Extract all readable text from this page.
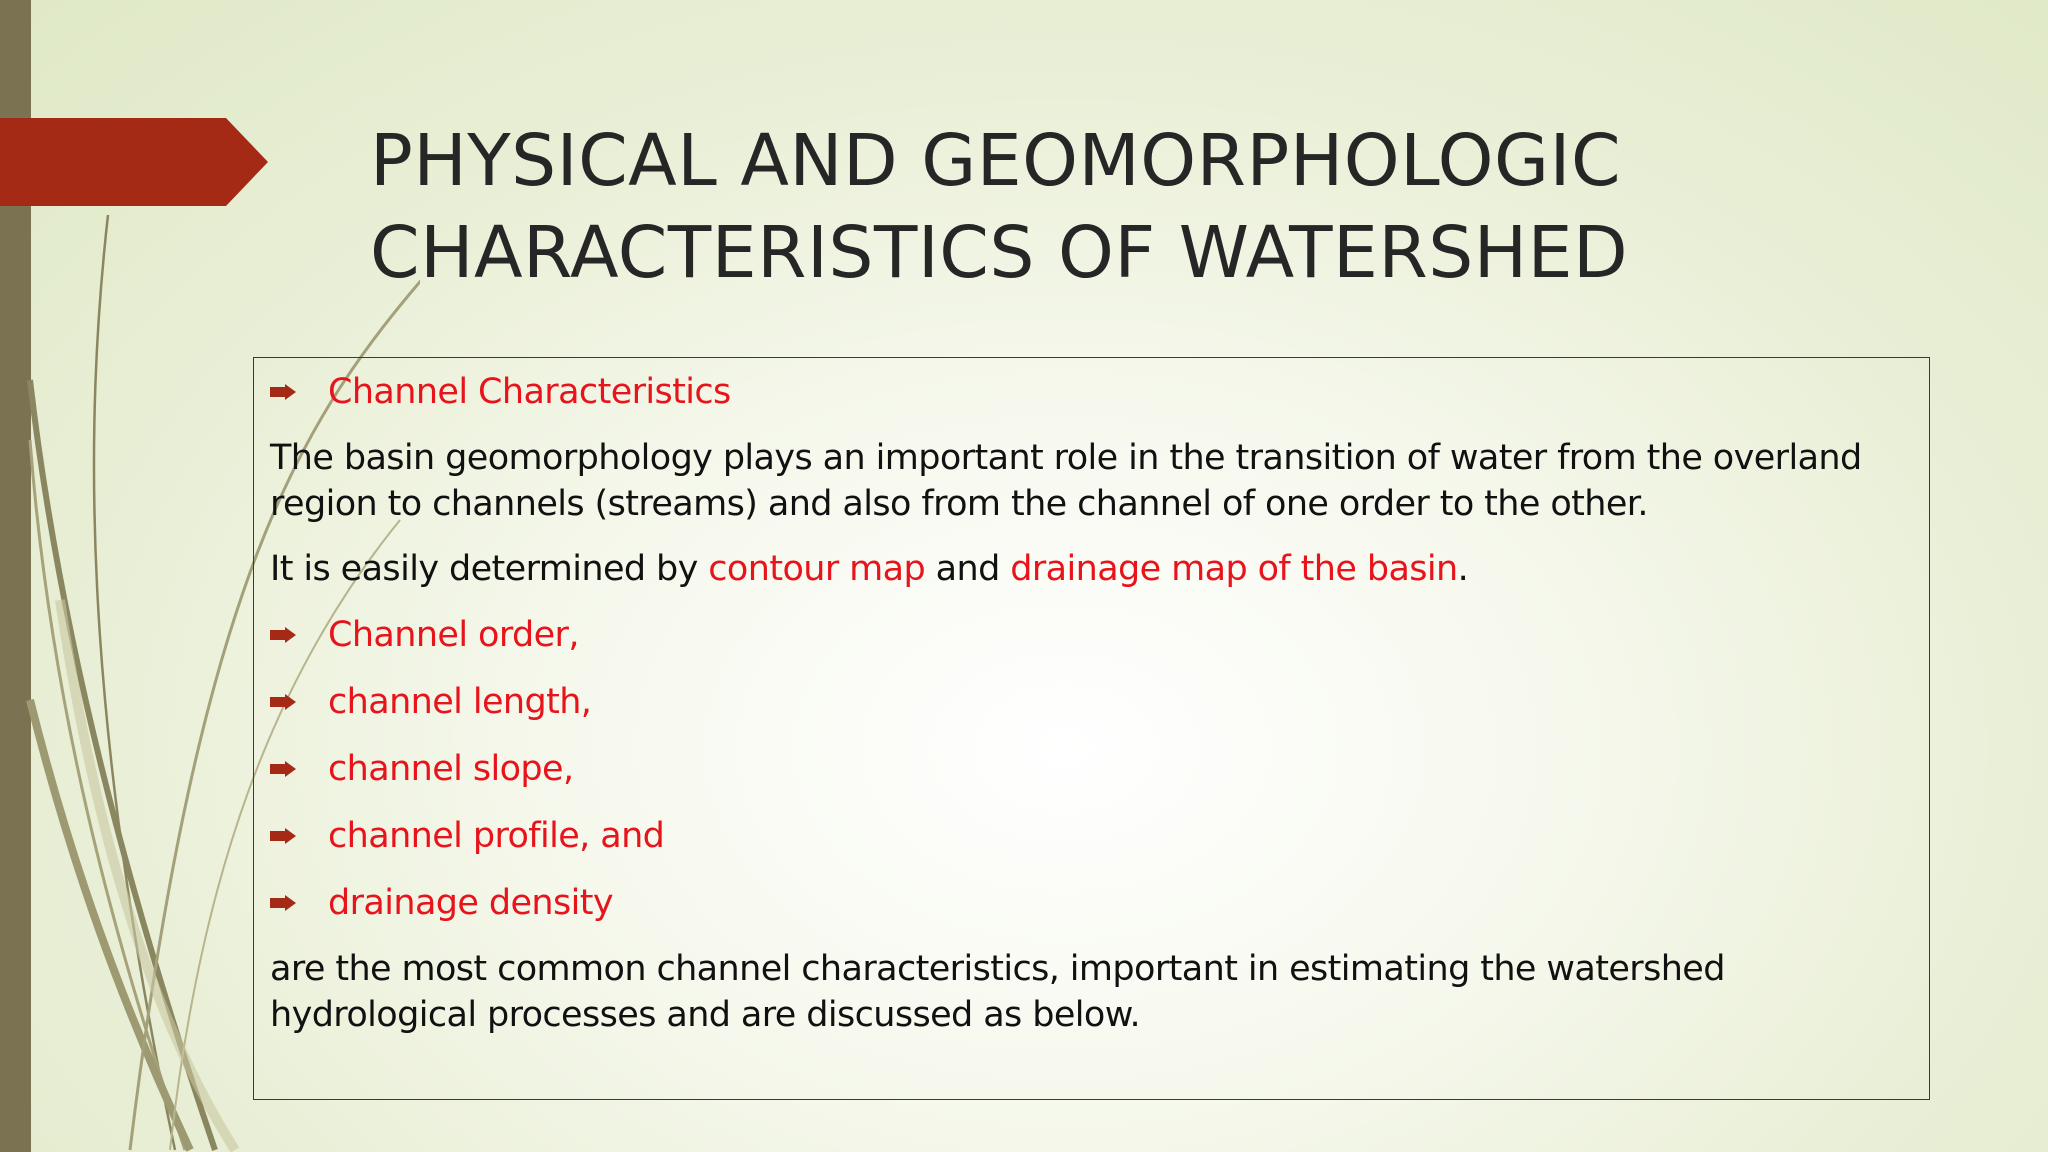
PHYSICAL AND GEOMORPHOLOGIC
CHARACTERISTICS OF WATERSHED
Channel Characteristics

The basin geomorphology plays an important role in the transition of water from the overland region to channels (streams) and also from the channel of one order to the other.

It is easily determined by contour map and drainage map of the basin.

Channel order,
channel length,
channel slope,
channel profile, and
drainage density

are the most common channel characteristics, important in estimating the watershed hydrological processes and are discussed as below.
